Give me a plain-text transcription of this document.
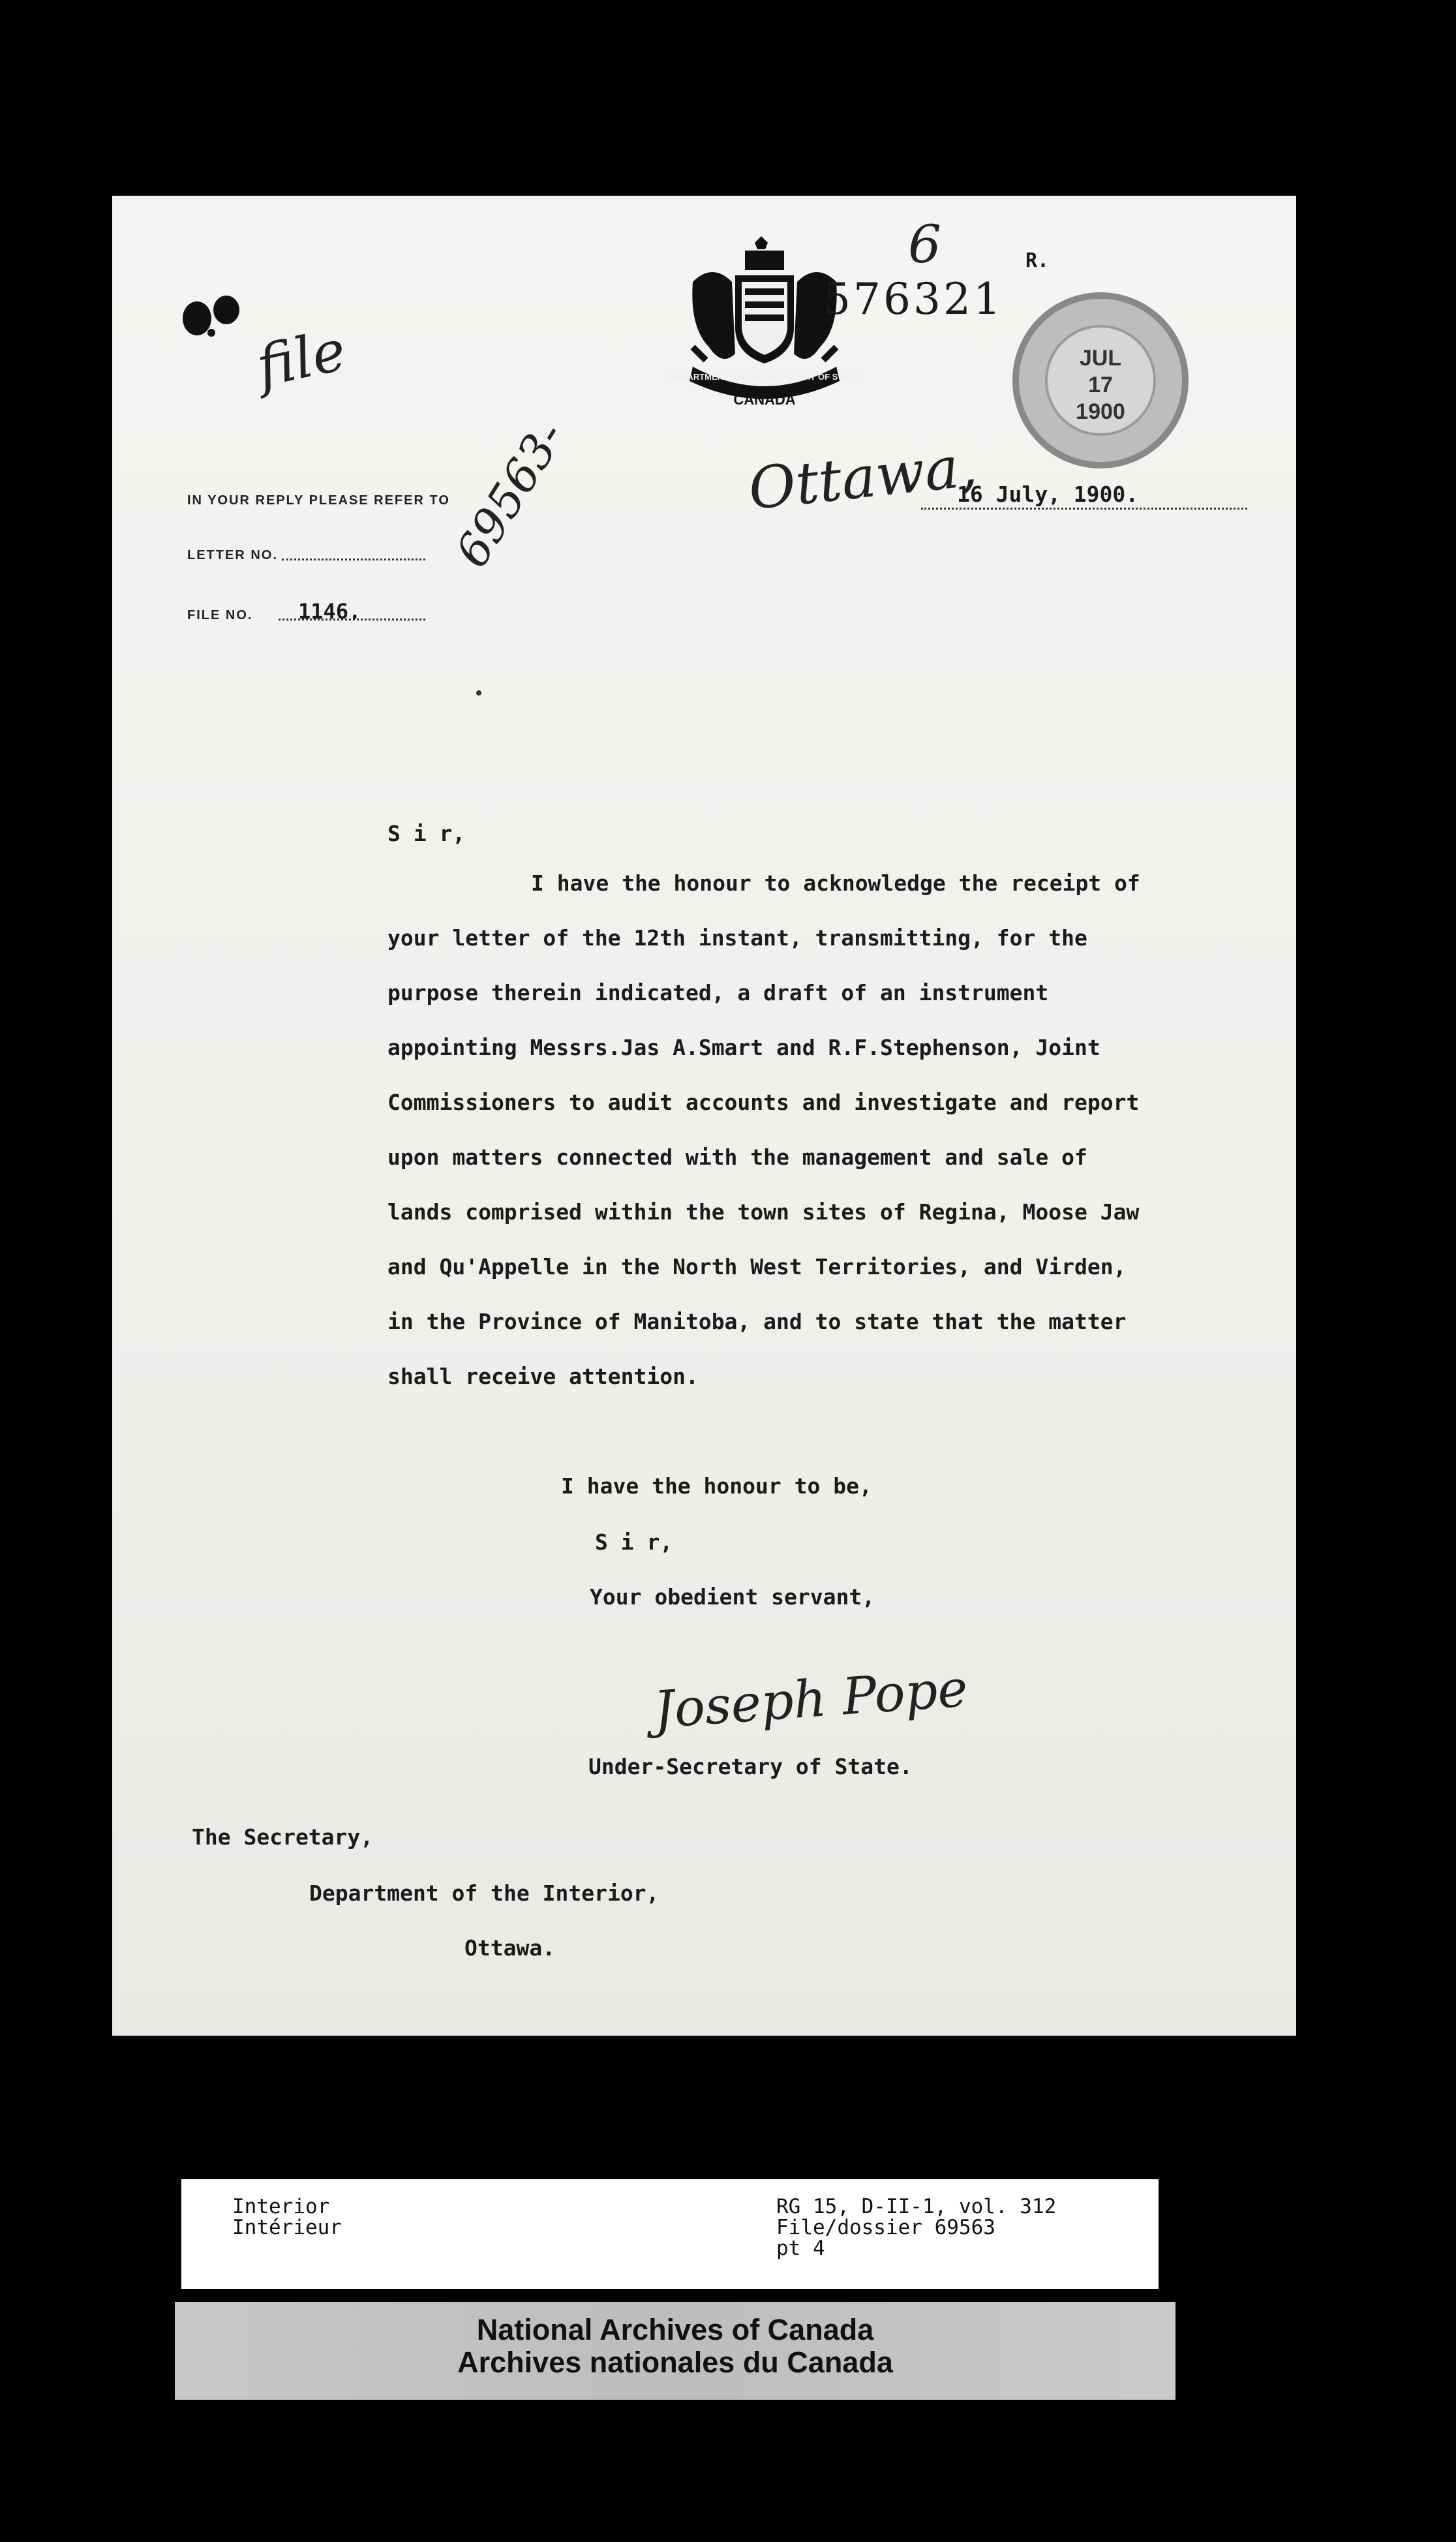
file	DEPARTMENT OF THE SECRETARY OF STATE
CANADA
576321
6	R.
JUL
17
1900
IN YOUR REPLY PLEASE REFER TO
LETTER NO.
FILE NO. 1146.
69563-	Ottawa,
16 July, 1900.
S i r,
I have the honour to acknowledge the receipt of
your letter of the 12th instant, transmitting, for the
purpose therein indicated, a draft of an instrument
appointing Messrs.Jas A.Smart and R.F.Stephenson, Joint
Commissioners to audit accounts and investigate and report
upon matters connected with the management and sale of
lands comprised within the town sites of Regina, Moose Jaw
and Qu'Appelle in the North West Territories, and Virden,
in the Province of Manitoba, and to state that the matter
shall receive attention.
I have the honour to be,
S i r,
Your obedient servant,
Joseph Pope
Under-Secretary of State.
The Secretary,
Department of the Interior,
Ottawa.
Interior
Intérieur
RG 15, D-II-1, vol. 312
File/dossier 69563
pt 4
National Archives of Canada
Archives nationales du Canada
